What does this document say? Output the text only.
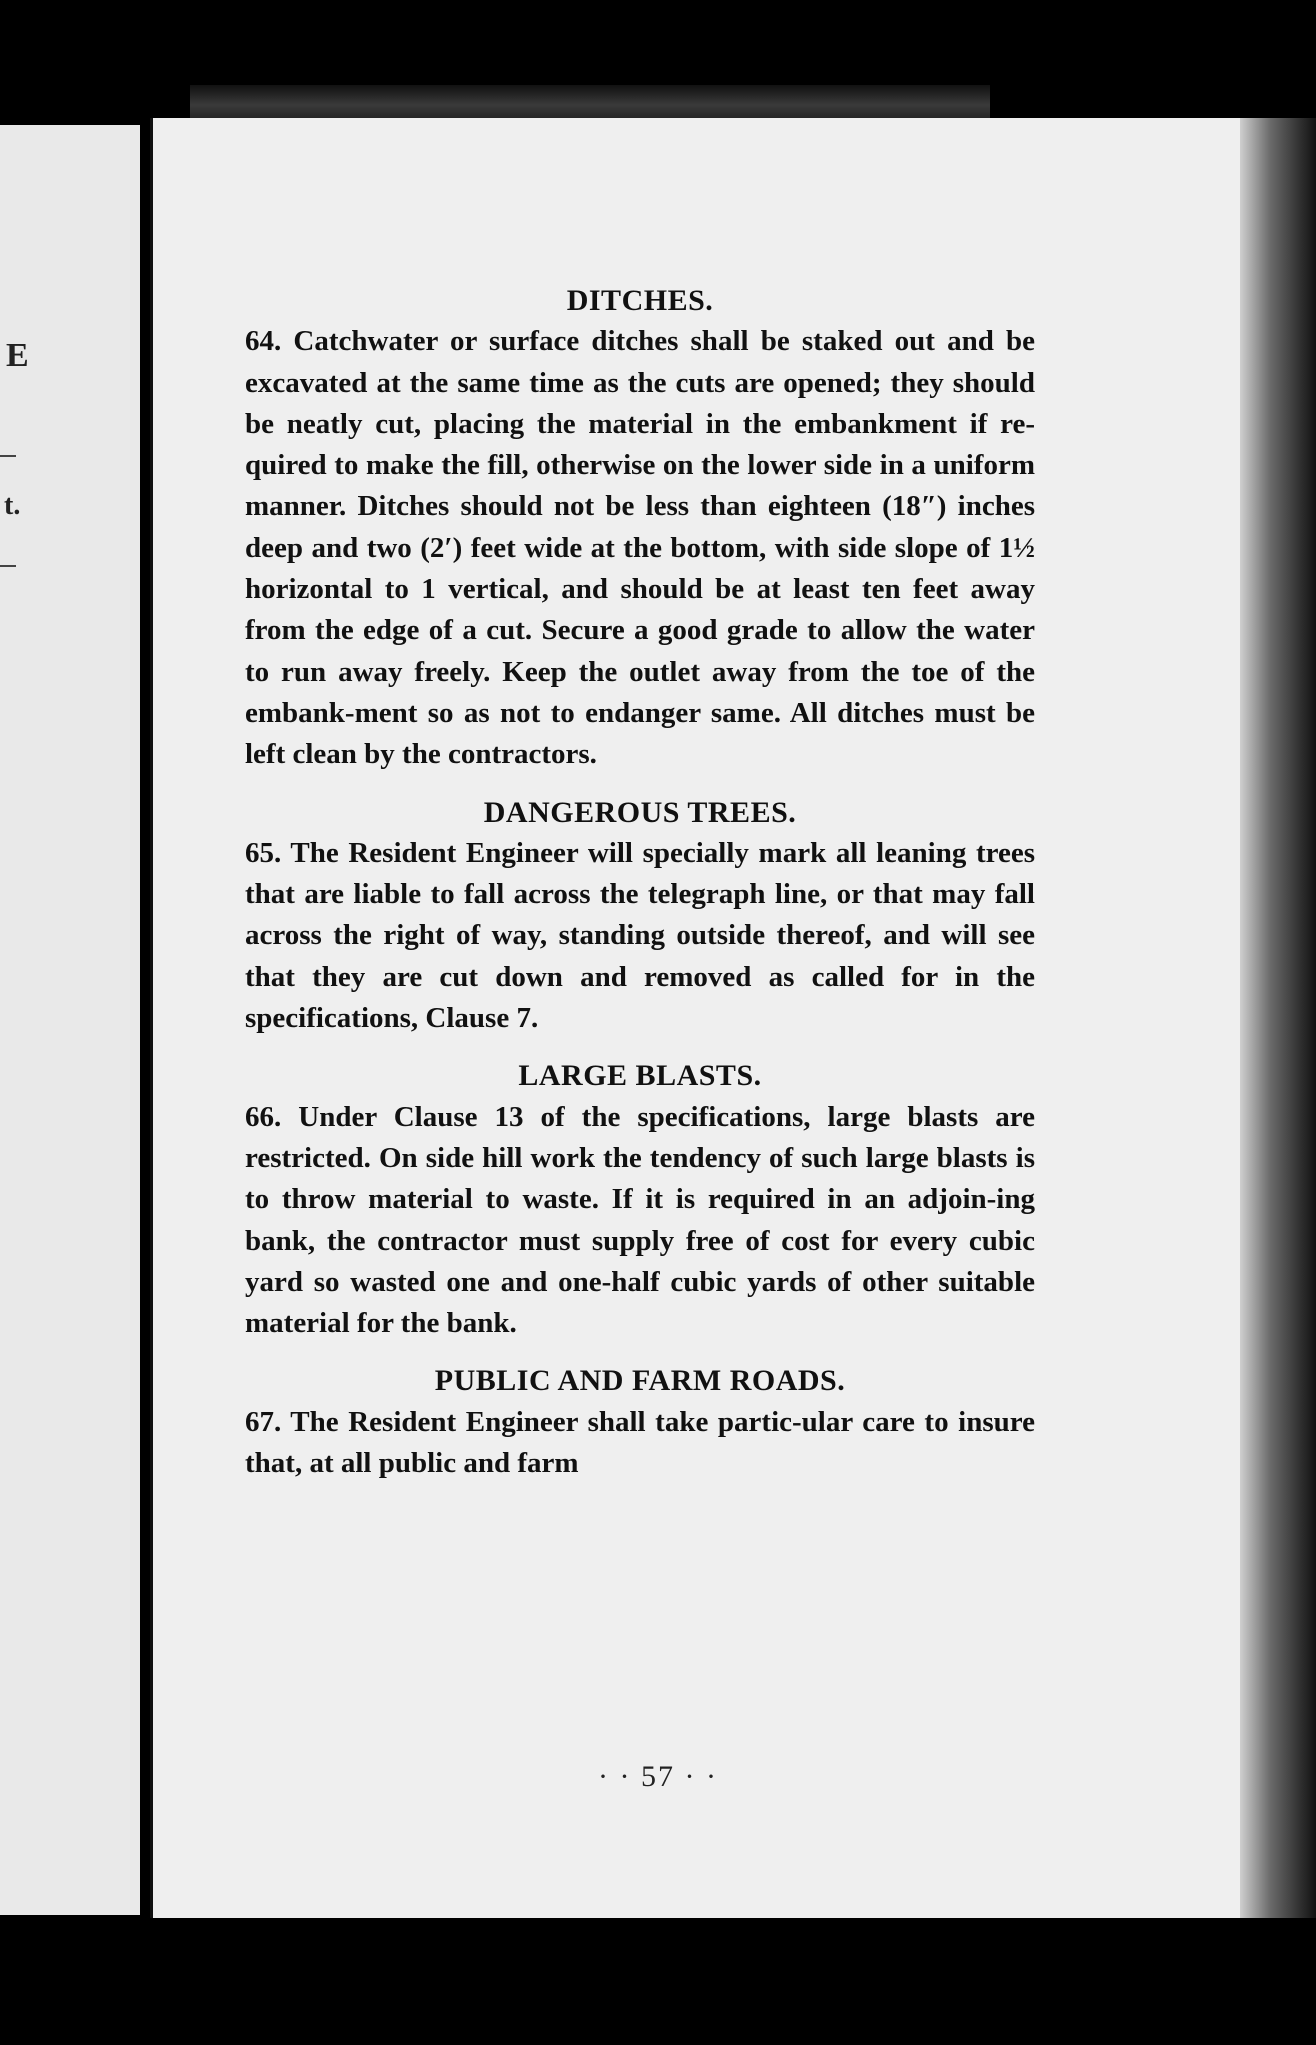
E
t.
DITCHES.

64. Catchwater or surface ditches shall be staked out and be excavated at the same time as the cuts are opened; they should be neatly cut, placing the material in the embankment if re-quired to make the fill, otherwise on the lower side in a uniform manner. Ditches should not be less than eighteen (18″) inches deep and two (2′) feet wide at the bottom, with side slope of 1½ horizontal to 1 vertical, and should be at least ten feet away from the edge of a cut. Secure a good grade to allow the water to run away freely. Keep the outlet away from the toe of the embank-ment so as not to endanger same. All ditches must be left clean by the contractors.

DANGEROUS TREES.

65. The Resident Engineer will specially mark all leaning trees that are liable to fall across the telegraph line, or that may fall across the right of way, standing outside thereof, and will see that they are cut down and removed as called for in the specifications, Clause 7.

LARGE BLASTS.

66. Under Clause 13 of the specifications, large blasts are restricted. On side hill work the tendency of such large blasts is to throw material to waste. If it is required in an adjoin-ing bank, the contractor must supply free of cost for every cubic yard so wasted one and one-half cubic yards of other suitable material for the bank.

PUBLIC AND FARM ROADS.

67. The Resident Engineer shall take partic-ular care to insure that, at all public and farm

· · 57 · ·
